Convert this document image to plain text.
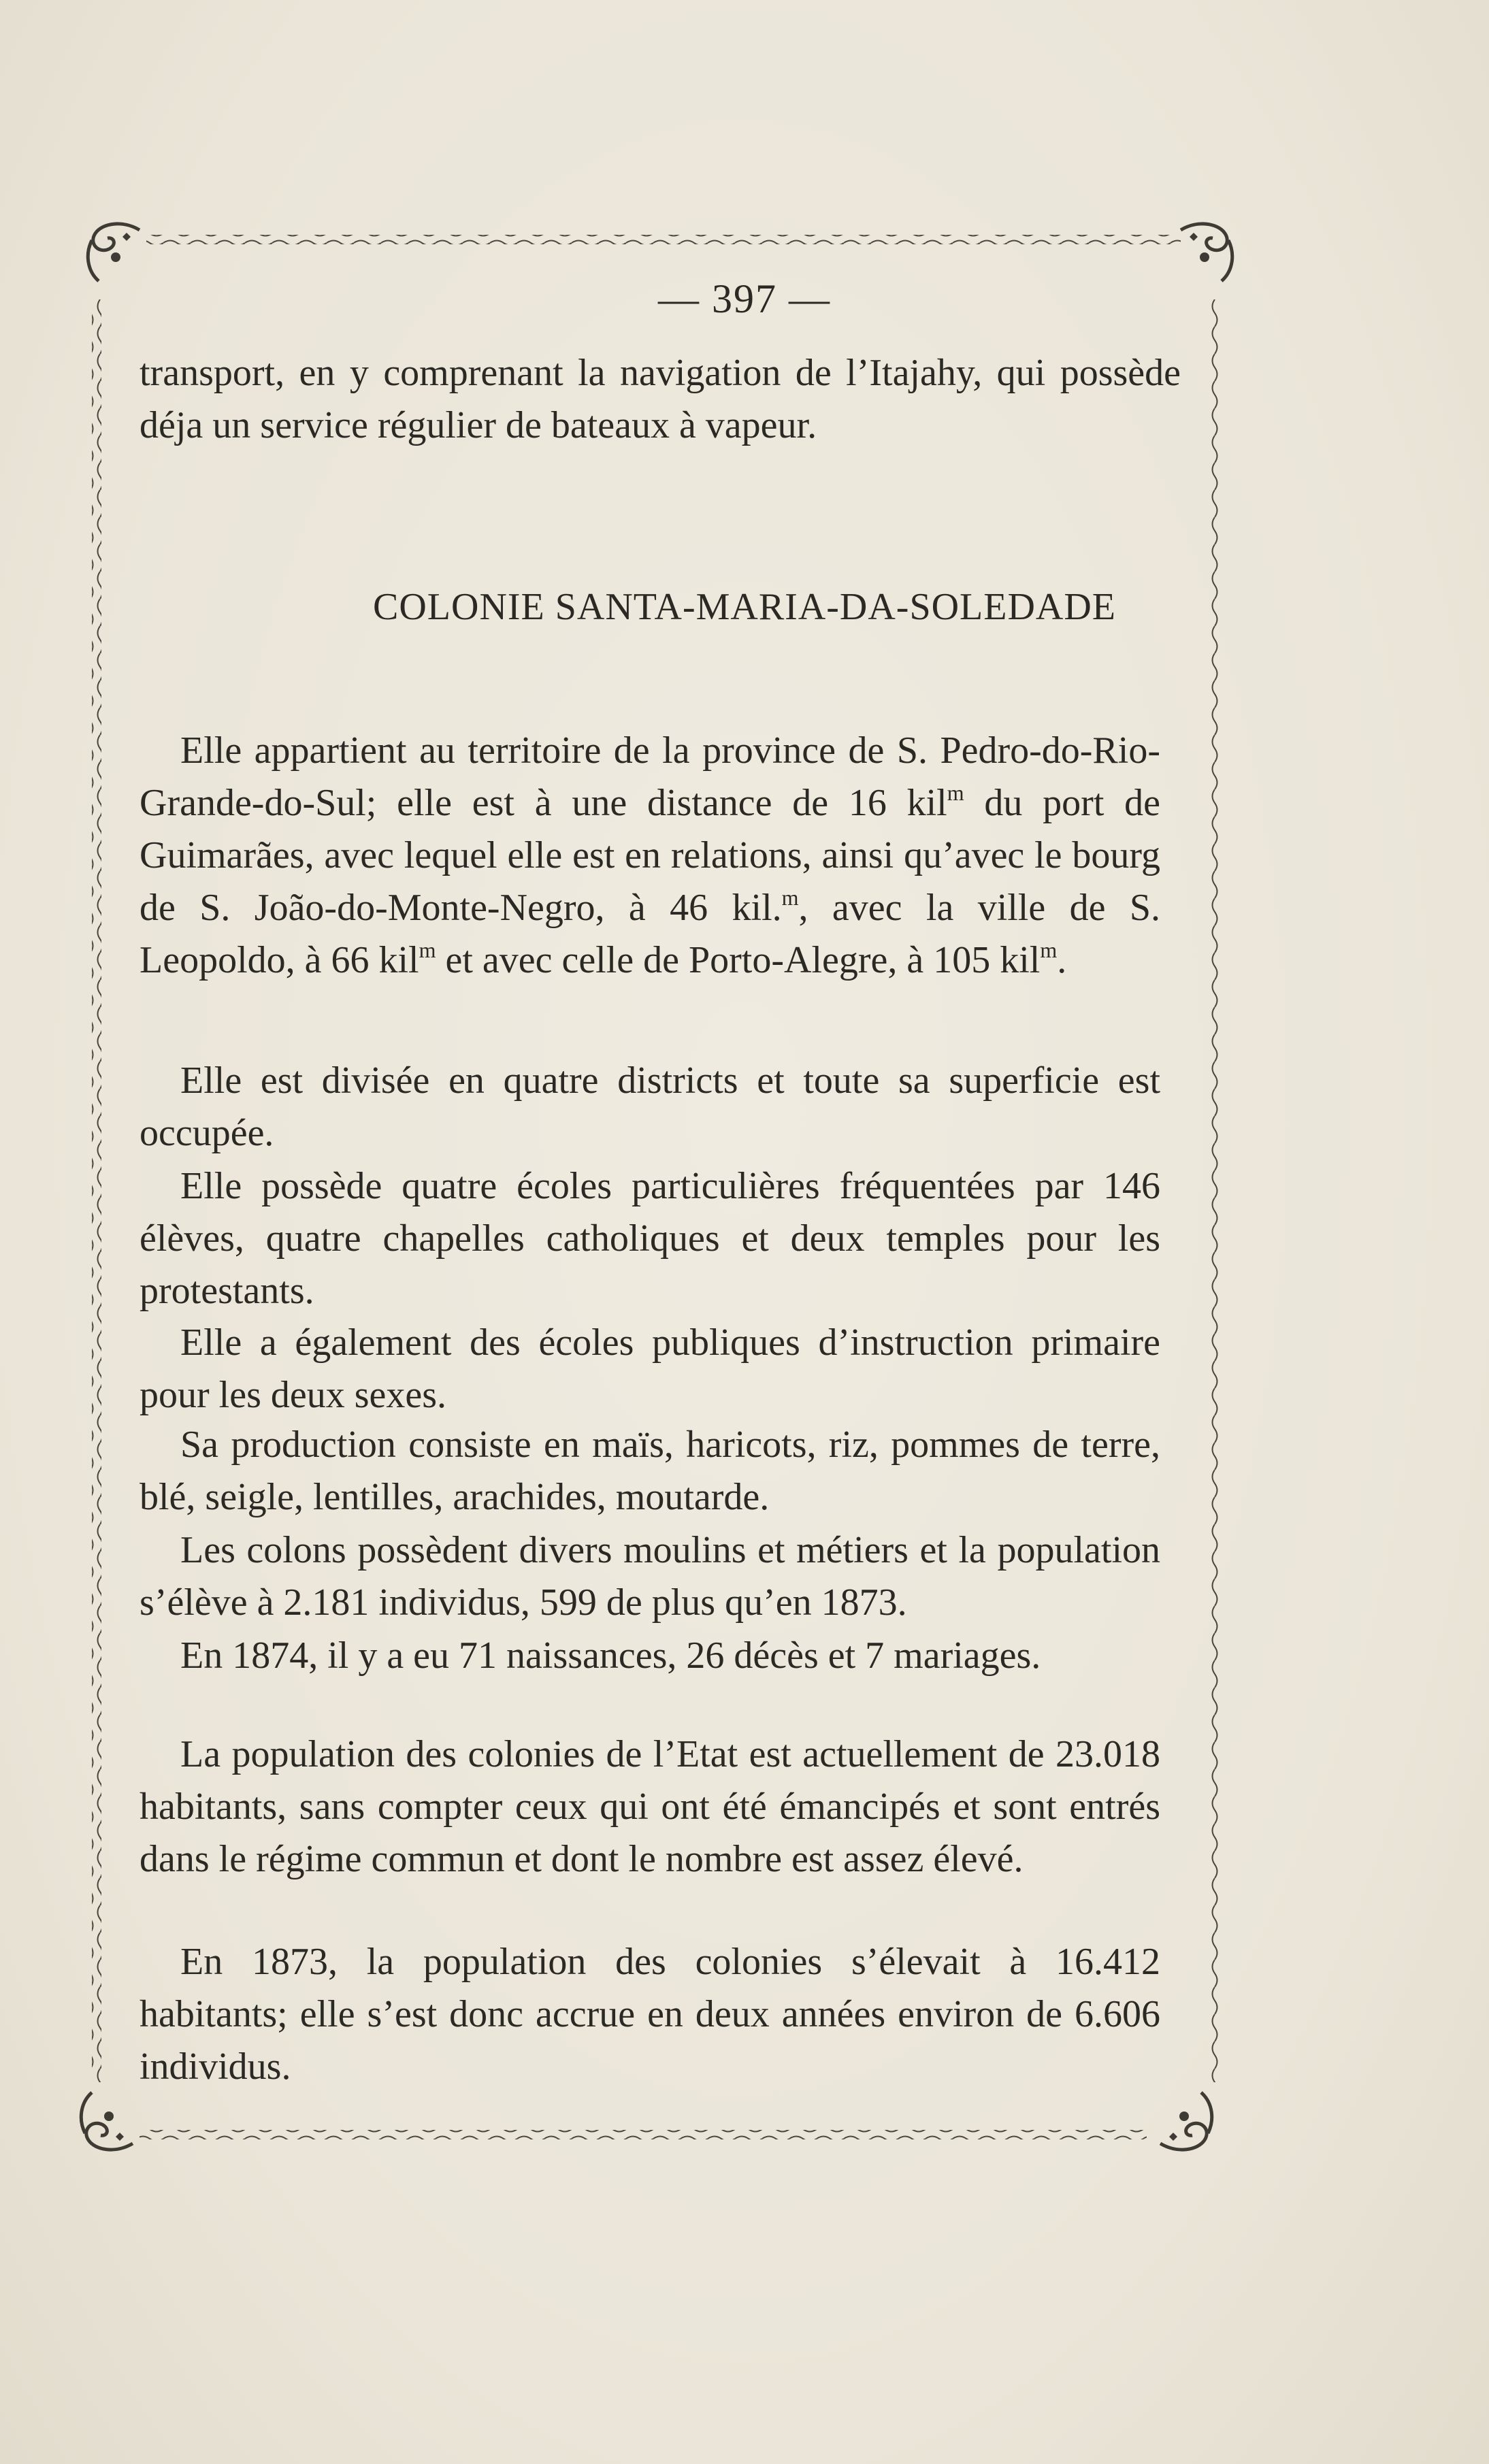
— 397 —
transport, en y comprenant la navigation de l’Itajahy, qui possède déja un service régulier de bateaux à vapeur.
COLONIE SANTA-MARIA-DA-SOLEDADE
Elle appartient au territoire de la province de S. Pedro-do-Rio-Grande-do-Sul; elle est à une distance de 16 kil$^m$ du port de Guimarães, avec lequel elle est en relations, ainsi qu’avec le bourg de S. João-do-Monte-Negro, à 46 kil.$^m$, avec la ville de S. Leopoldo, à 66 kil$^m$ et avec celle de Porto-Alegre, à 105 kil$^m$.
Elle est divisée en quatre districts et toute sa superficie est occupée.
Elle possède quatre écoles particulières fréquentées par 146 élèves, quatre chapelles catholiques et deux temples pour les protestants.
Elle a également des écoles publiques d’instruction primaire pour les deux sexes.
Sa production consiste en maïs, haricots, riz, pommes de terre, blé, seigle, lentilles, arachides, moutarde.
Les colons possèdent divers moulins et métiers et la population s’élève à 2.181 individus, 599 de plus qu’en 1873.
En 1874, il y a eu 71 naissances, 26 décès et 7 mariages.
La population des colonies de l’Etat est actuellement de 23.018 habitants, sans compter ceux qui ont été émancipés et sont entrés dans le régime commun et dont le nombre est assez élevé.
En 1873, la population des colonies s’élevait à 16.412 habitants; elle s’est donc accrue en deux années environ de 6.606 individus.
